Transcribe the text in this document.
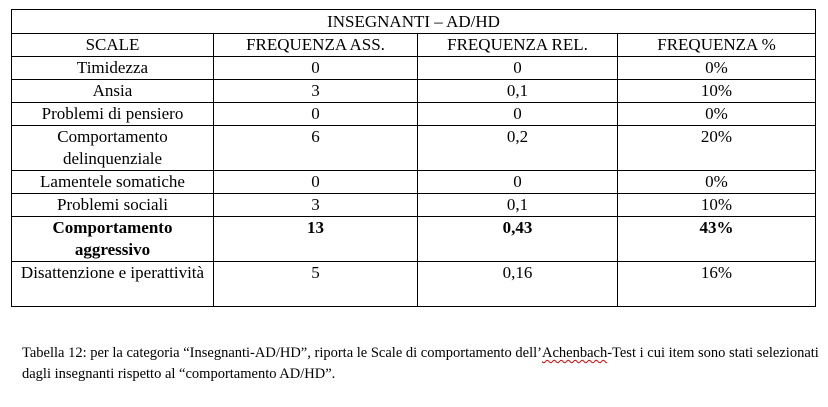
INSEGNANTI – AD/HD			
SCALE	FREQUENZA ASS.	FREQUENZA REL.	FREQUENZA %
Timidezza	0	0	0%
Ansia	3	0,1	10%
Problemi di pensiero	0	0	0%
Comportamento delinquenziale	6	0,2	20%
Lamentele somatiche	0	0	0%
Problemi sociali	3	0,1	10%
Comportamento aggressivo	13	0,43	43%
Disattenzione e iperattività	5	0,16	16%
Tabella 12: per la categoria “Insegnanti-AD/HD”, riporta le Scale di comportamento dell’Achenbach-Test i cui item sono stati selezionati dagli insegnanti rispetto al “comportamento AD/HD”.
